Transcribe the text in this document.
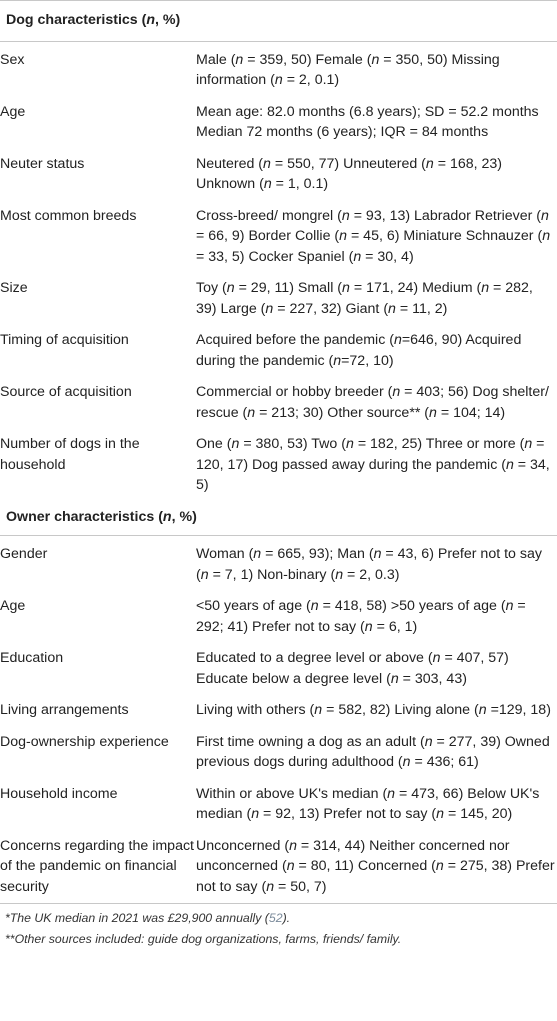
Dog characteristics (n, %)	
Sex	Male (n = 359, 50) Female (n = 350, 50) Missing information (n = 2, 0.1)
Age	Mean age: 82.0 months (6.8 years); SD = 52.2 months Median 72 months (6 years); IQR = 84 months
Neuter status	Neutered (n = 550, 77) Unneutered (n = 168, 23) Unknown (n = 1, 0.1)
Most common breeds	Cross-breed/ mongrel (n = 93, 13) Labrador Retriever (n = 66, 9) Border Collie (n = 45, 6) Miniature Schnauzer (n = 33, 5) Cocker Spaniel (n = 30, 4)
Size	Toy (n = 29, 11) Small (n = 171, 24) Medium (n = 282, 39) Large (n = 227, 32) Giant (n = 11, 2)
Timing of acquisition	Acquired before the pandemic (n=646, 90) Acquired during the pandemic (n=72, 10)
Source of acquisition	Commercial or hobby breeder (n = 403; 56) Dog shelter/ rescue (n = 213; 30) Other source** (n = 104; 14)
Number of dogs in the household	One (n = 380, 53) Two (n = 182, 25) Three or more (n = 120, 17) Dog passed away during the pandemic (n = 34, 5)
Owner characteristics (n, %)	
Gender	Woman (n = 665, 93); Man (n = 43, 6) Prefer not to say (n = 7, 1) Non-binary (n = 2, 0.3)
Age	<50 years of age (n = 418, 58) >50 years of age (n = 292; 41) Prefer not to say (n = 6, 1)
Education	Educated to a degree level or above (n = 407, 57) Educate below a degree level (n = 303, 43)
Living arrangements	Living with others (n = 582, 82) Living alone (n =129, 18)
Dog-ownership experience	First time owning a dog as an adult (n = 277, 39) Owned previous dogs during adulthood (n = 436; 61)
Household income	Within or above UK's median (n = 473, 66) Below UK's median (n = 92, 13) Prefer not to say (n = 145, 20)
Concerns regarding the impact of the pandemic on financial security	Unconcerned (n = 314, 44) Neither concerned nor unconcerned (n = 80, 11) Concerned (n = 275, 38) Prefer not to say (n = 50, 7)
*The UK median in 2021 was £29,900 annually (52).
**Other sources included: guide dog organizations, farms, friends/ family.
